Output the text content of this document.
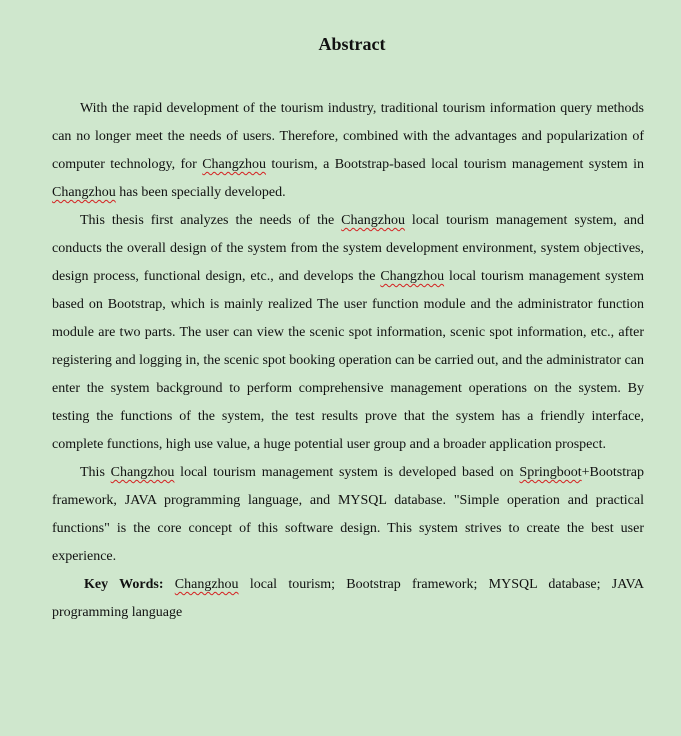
Abstract

With the rapid development of the tourism industry, traditional tourism information query methods can no longer meet the needs of users. Therefore, combined with the advantages and popularization of computer technology, for Changzhou tourism, a Bootstrap-based local tourism management system in Changzhou has been specially developed.

This thesis first analyzes the needs of the Changzhou local tourism management system, and conducts the overall design of the system from the system development environment, system objectives, design process, functional design, etc., and develops the Changzhou local tourism management system based on Bootstrap, which is mainly realized The user function module and the administrator function module are two parts. The user can view the scenic spot information, scenic spot information, etc., after registering and logging in, the scenic spot booking operation can be carried out, and the administrator can enter the system background to perform comprehensive management operations on the system. By testing the functions of the system, the test results prove that the system has a friendly interface, complete functions, high use value, a huge potential user group and a broader application prospect.

This Changzhou local tourism management system is developed based on Springboot+Bootstrap framework, JAVA programming language, and MYSQL database. "Simple operation and practical functions" is the core concept of this software design. This system strives to create the best user experience.

Key Words: Changzhou local tourism; Bootstrap framework; MYSQL database; JAVA programming language
